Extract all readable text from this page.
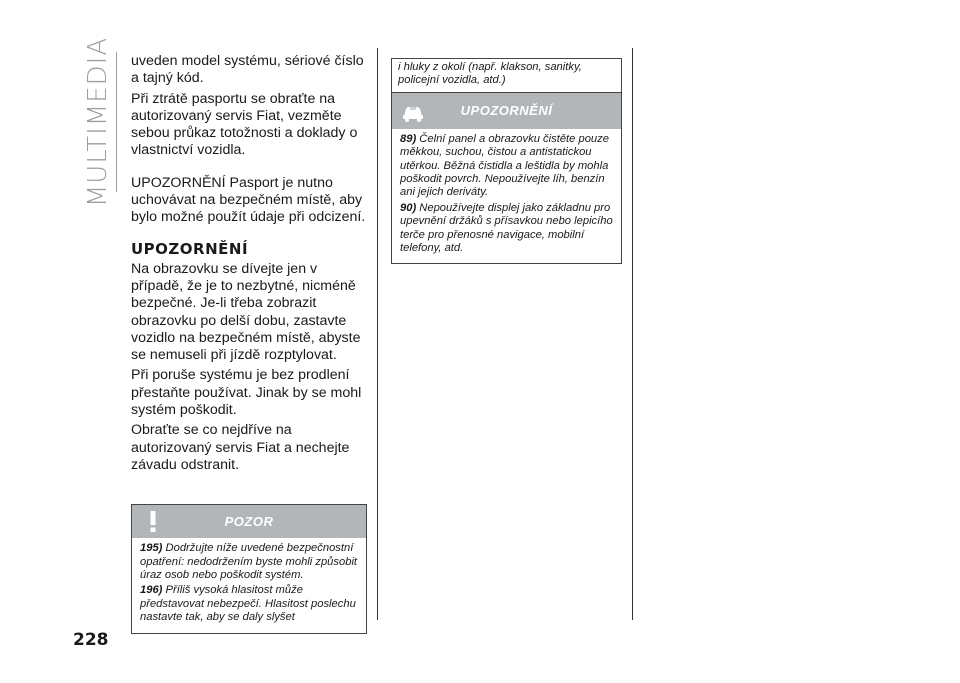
MULTIMEDIA uveden model systému, sériové číslo a tajný kód.

Při ztrátě pasportu se obraťte na autorizovaný servis Fiat, vezměte sebou průkaz totožnosti a doklady o vlastnictví vozidla.

UPOZORNĚNÍ Pasport je nutno uchovávat na bezpečném místě, aby bylo možné použít údaje při odcizení.

UPOZORNĚNÍ

Na obrazovku se dívejte jen v případě, že je to nezbytné, nicméně bezpečné. Je-li třeba zobrazit obrazovku po delší dobu, zastavte vozidlo na bezpečném místě, abyste se nemuseli při jízdě rozptylovat.

Při poruše systému je bez prodlení přestaňte používat. Jinak by se mohl systém poškodit.

Obraťte se co nejdříve na autorizovaný servis Fiat a nechejte závadu odstranit.

POZOR

195) Dodržujte níže uvedené bezpečnostní opatření: nedodržením byste mohli způsobit úraz osob nebo poškodit systém.

196) Příliš vysoká hlasitost může představovat nebezpečí. Hlasitost poslechu nastavte tak, aby se daly slyšet

i hluky z okolí (např. klakson, sanitky, policejní vozidla, atd.)
UPOZORNĚNÍ

89) Čelní panel a obrazovku čistěte pouze měkkou, suchou, čistou a antistatickou utěrkou. Běžná čistidla a leštidla by mohla poškodit povrch. Nepoužívejte líh, benzín ani jejich deriváty.

90) Nepoužívejte displej jako základnu pro upevnění držáků s přísavkou nebo lepicího terče pro přenosné navigace, mobilní telefony, atd.

228
